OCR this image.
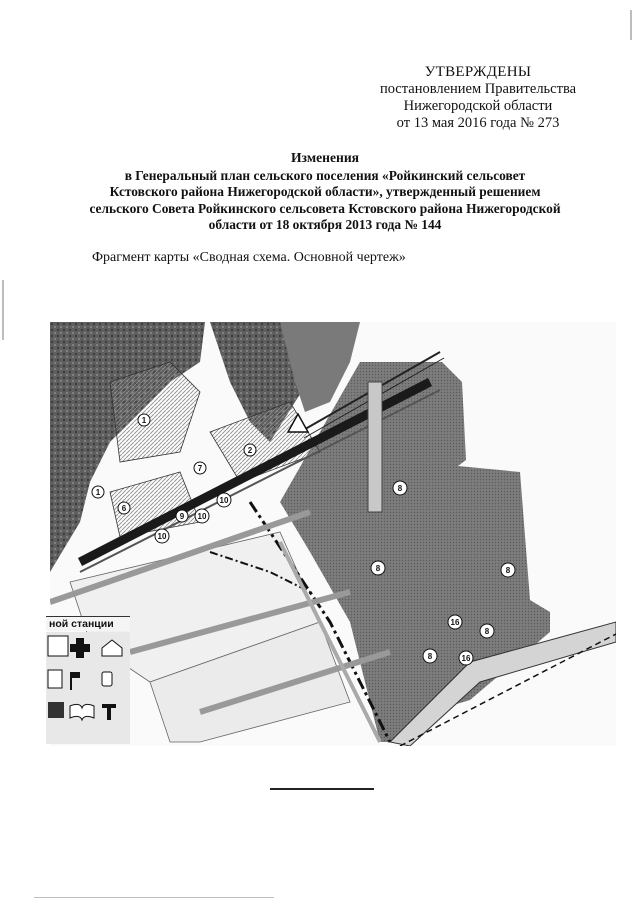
УТВЕРЖДЕНЫ
постановлением Правительства
Нижегородской области
от 13 мая 2016 года № 273
Изменения
в Генеральный план сельского поселения «Ройкинский сельсовет
Кстовского района Нижегородской области», утвержденный решением
сельского Совета Ройкинского сельсовета Кстовского района Нижегородской
области от 18 октября 2013 года № 144
Фрагмент карты «Сводная схема. Основной чертеж»
1
1
2
6
7
8
8
8
8
8
9
10
10
10
16
16
ной станции
